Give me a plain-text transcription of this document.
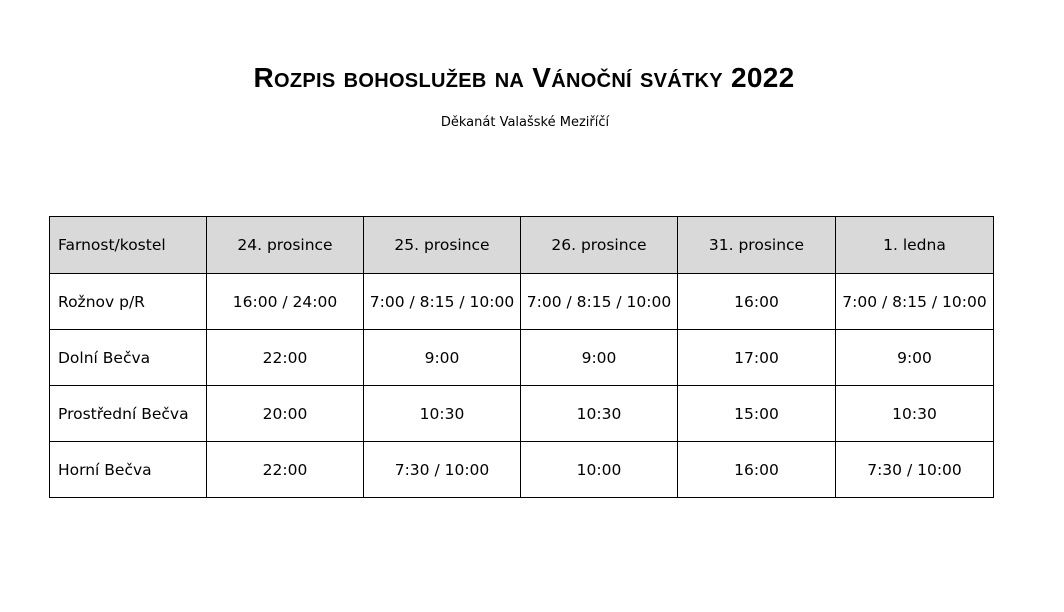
Rozpis bohoslužeb na Vánoční svátky 2022
Děkanát Valašské Meziříčí
Farnost/kostel	24. prosince	25. prosince	26. prosince	31. prosince	1. ledna
Rožnov p/R	16:00 / 24:00	7:00 / 8:15 / 10:00	7:00 / 8:15 / 10:00	16:00	7:00 / 8:15 / 10:00
Dolní Bečva	22:00	9:00	9:00	17:00	9:00
Prostřední Bečva	20:00	10:30	10:30	15:00	10:30
Horní Bečva	22:00	7:30 / 10:00	10:00	16:00	7:30 / 10:00
